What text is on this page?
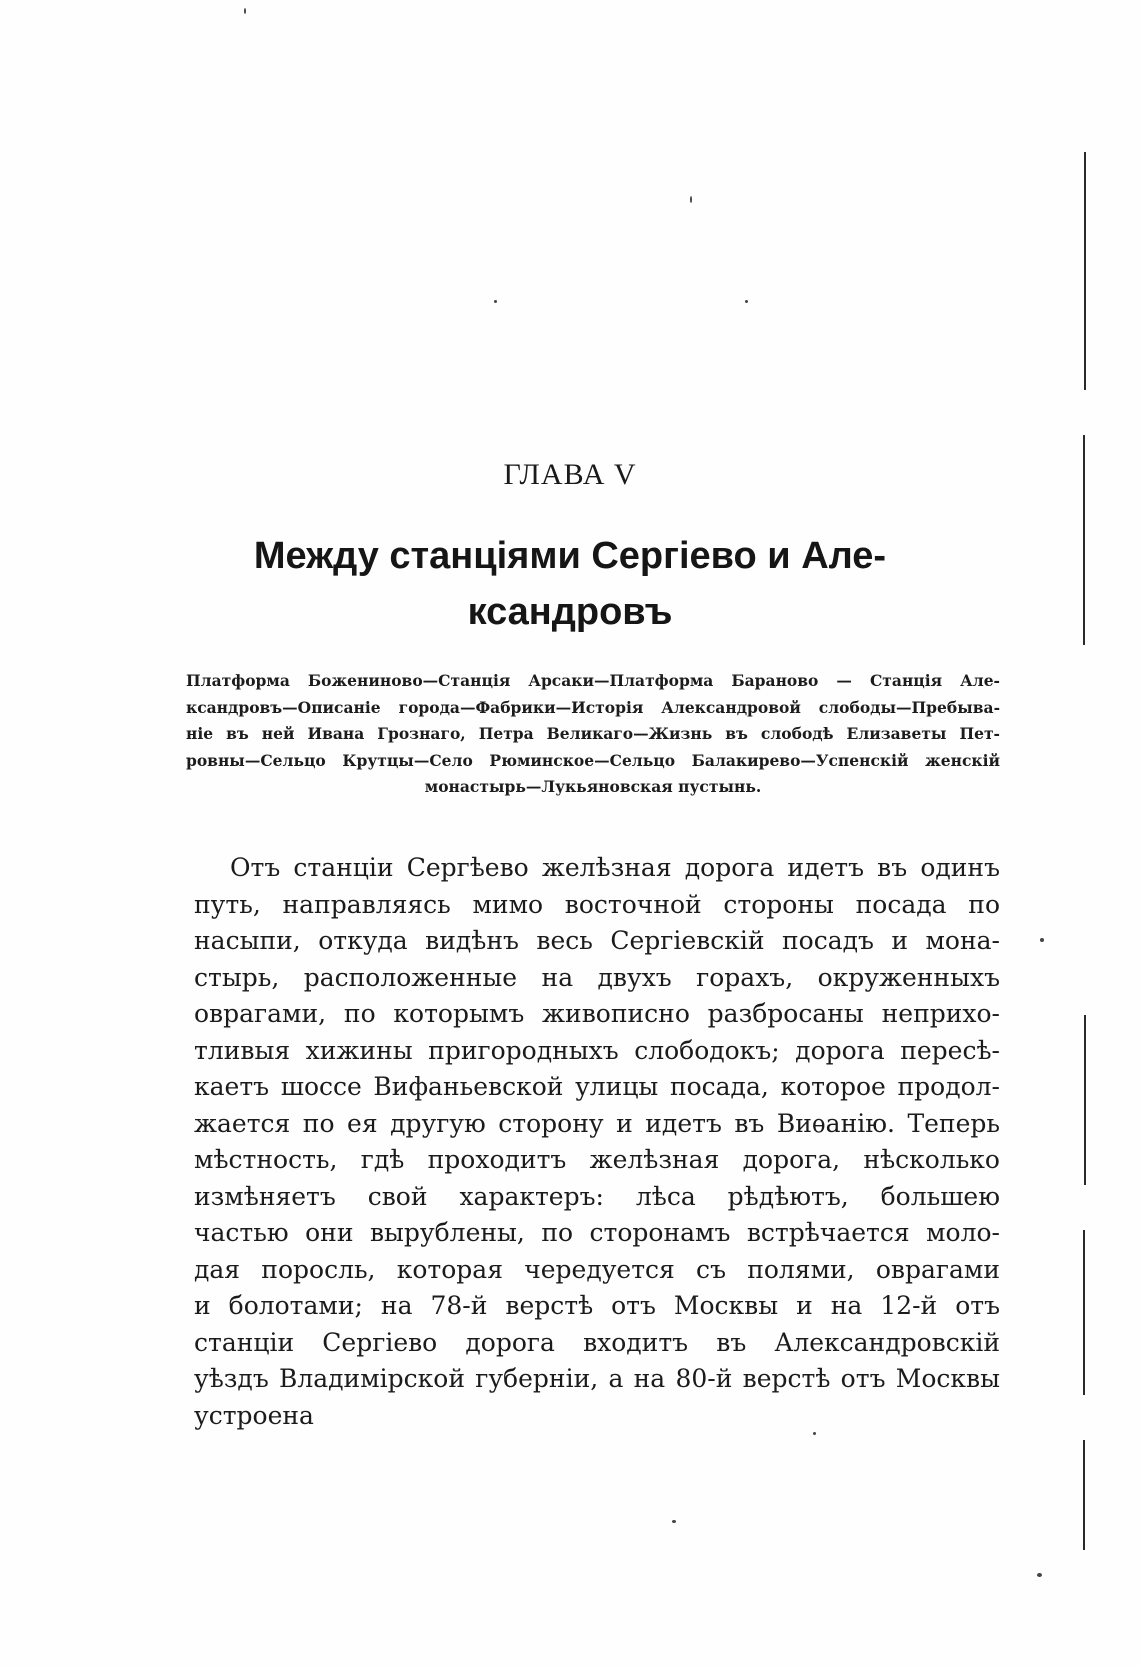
ГЛАВА V
Между станціями Сергіево и Але-
ксандровъ
Платформа Божениново—Станція Арсаки—Платформа Бараново — Станція Але-
ксандровъ—Описаніе города—Фабрики—Исторія Александровой слободы—Пребыва-
ніе въ ней Ивана Грознаго, Петра Великаго—Жизнь въ слободѣ Елизаветы Пет-
ровны—Сельцо Крутцы—Село Рюминское—Сельцо Балакирево—Успенскій женскій
монастырь—Лукьяновская пустынь.
Отъ станціи Сергѣево желѣзная дорога идетъ въ одинъ
путь, направляясь мимо восточной стороны посада по
насыпи, откуда видѣнъ весь Сергіевскій посадъ и мона-
стырь, расположенные на двухъ горахъ, окруженныхъ
оврагами, по которымъ живописно разбросаны неприхо-
тливыя хижины пригородныхъ слободокъ; дорога пересѣ-
каетъ шоссе Вифаньевской улицы посада, которое продол-
жается по ея другую сторону и идетъ въ Виѳанію. Теперь
мѣстность, гдѣ проходитъ желѣзная дорога, нѣсколько
измѣняетъ свой характеръ: лѣса рѣдѣютъ, большею
частью они вырублены, по сторонамъ встрѣчается моло-
дая поросль, которая чередуется съ полями, оврагами
и болотами; на 78-й верстѣ отъ Москвы и на 12-й отъ
станціи Сергіево дорога входитъ въ Александровскій
уѣздъ Владимірской губерніи, а на 80-й верстѣ отъ Москвы
устроена
